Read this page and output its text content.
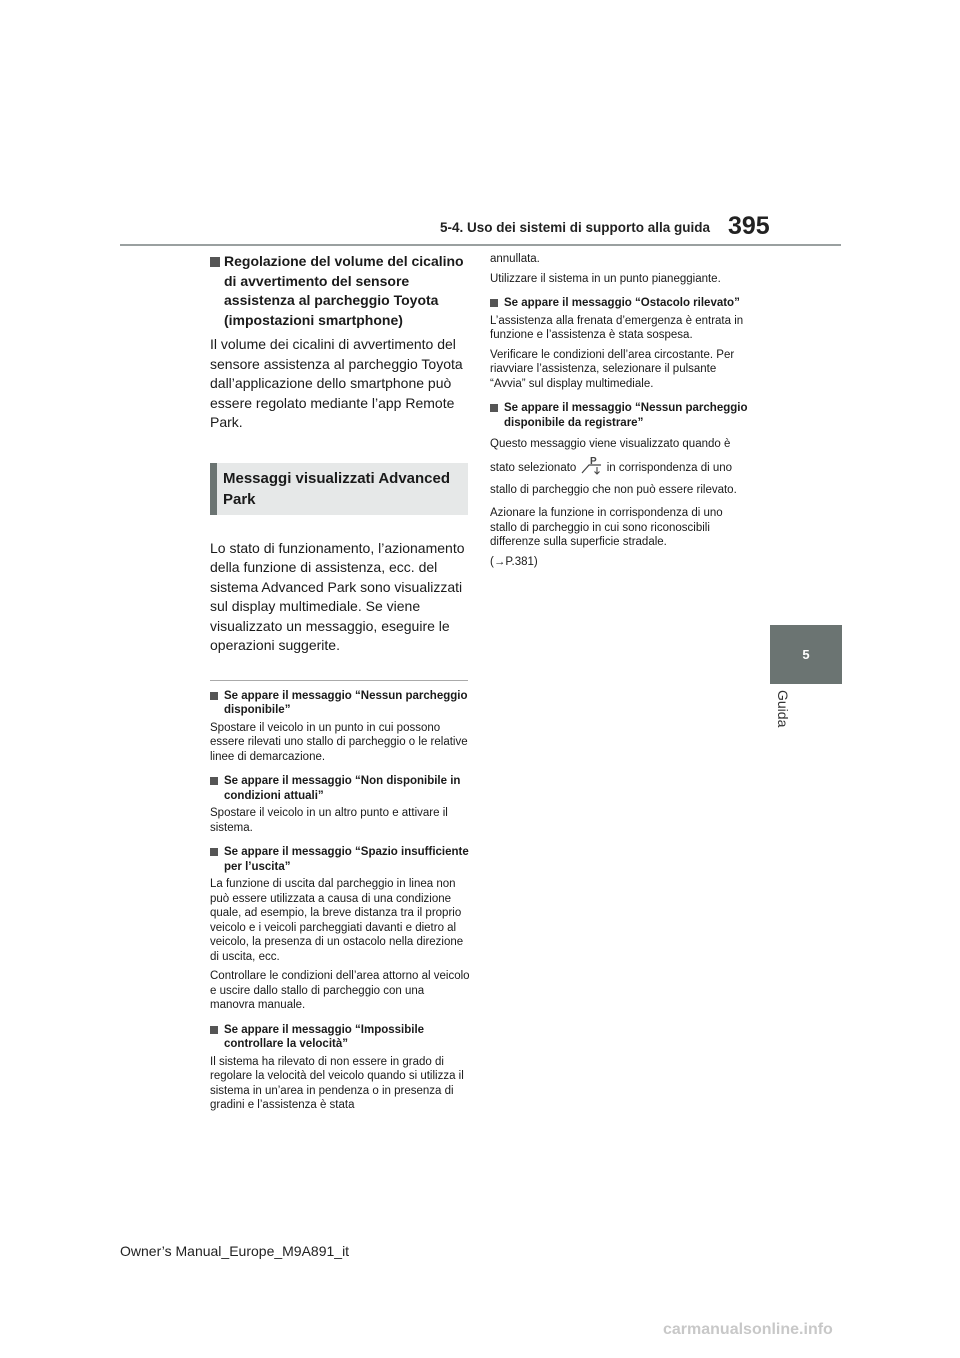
5-4. Uso dei sistemi di supporto alla guida 395
5
Guida
Regolazione del volume del cicalino di avvertimento del sensore assistenza al parcheggio Toyota (impostazioni smartphone)

Il volume dei cicalini di avvertimento del sensore assistenza al parcheggio Toyota dall’applicazione dello smartphone può essere regolato mediante l’app Remote Park.

Messaggi visualizzati Advanced Park

Lo stato di funzionamento, l’azionamento della funzione di assistenza, ecc. del sistema Advanced Park sono visualizzati sul display multimediale. Se viene visualizzato un messaggio, eseguire le operazioni suggerite.

Se appare il messaggio “Nessun parcheggio disponibile”

Spostare il veicolo in un punto in cui possono essere rilevati uno stallo di parcheggio o le relative linee di demarcazione.

Se appare il messaggio “Non disponibile in condizioni attuali”

Spostare il veicolo in un altro punto e attivare il sistema.

Se appare il messaggio “Spazio insufficiente per l’uscita”

La funzione di uscita dal parcheggio in linea non può essere utilizzata a causa di una condizione quale, ad esempio, la breve distanza tra il proprio veicolo e i veicoli parcheggiati davanti e dietro al veicolo, la presenza di un ostacolo nella direzione di uscita, ecc.

Controllare le condizioni dell’area attorno al veicolo e uscire dallo stallo di parcheggio con una manovra manuale.

Se appare il messaggio “Impossibile controllare la velocità”

Il sistema ha rilevato di non essere in grado di regolare la velocità del veicolo quando si utilizza il sistema in un’area in pendenza o in presenza di gradini e l’assistenza è stata

annullata.

Utilizzare il sistema in un punto pianeggiante.

Se appare il messaggio “Ostacolo rilevato”

L’assistenza alla frenata d’emergenza è entrata in funzione e l’assistenza è stata sospesa.

Verificare le condizioni dell’area circostante. Per riavviare l’assistenza, selezionare il pulsante “Avvia” sul display multimediale.

Se appare il messaggio “Nessun parcheggio disponibile da registrare”

Questo messaggio viene visualizzato quando è stato selezionato
P
in corrispondenza di uno stallo di parcheggio che non può essere rilevato.

Azionare la funzione in corrispondenza di uno stallo di parcheggio in cui sono riconoscibili differenze sulla superficie stradale.

(→P.381)

Owner’s Manual_Europe_M9A891_it
carmanualsonline.info
